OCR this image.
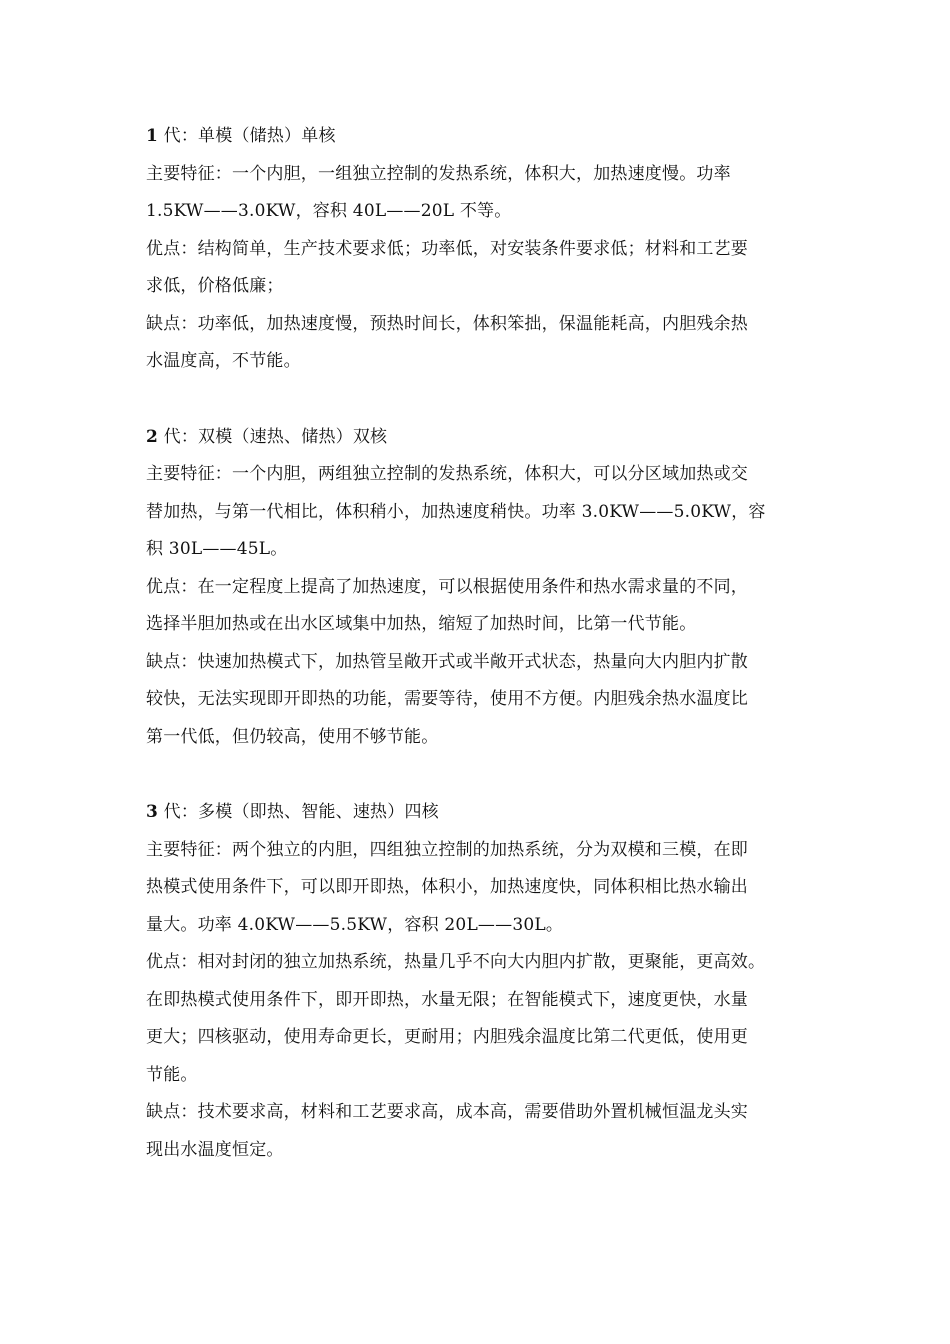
1 代：单模（储热）单核

主要特征：一个内胆，一组独立控制的发热系统，体积大，加热速度慢。功率

1.5KW——3.0KW，容积 40L——20L 不等。

优点：结构简单，生产技术要求低；功率低，对安装条件要求低；材料和工艺要

求低，价格低廉；

缺点：功率低，加热速度慢，预热时间长，体积笨拙，保温能耗高，内胆残余热

水温度高，不节能。

2 代：双模（速热、储热）双核

主要特征：一个内胆，两组独立控制的发热系统，体积大，可以分区域加热或交

替加热，与第一代相比，体积稍小，加热速度稍快。功率 3.0KW——5.0KW，容

积 30L——45L。

优点：在一定程度上提高了加热速度，可以根据使用条件和热水需求量的不同，

选择半胆加热或在出水区域集中加热，缩短了加热时间，比第一代节能。

缺点：快速加热模式下，加热管呈敞开式或半敞开式状态，热量向大内胆内扩散

较快，无法实现即开即热的功能，需要等待，使用不方便。内胆残余热水温度比

第一代低，但仍较高，使用不够节能。

3 代：多模（即热、智能、速热）四核

主要特征：两个独立的内胆，四组独立控制的加热系统，分为双模和三模，在即

热模式使用条件下，可以即开即热，体积小，加热速度快，同体积相比热水输出

量大。功率 4.0KW——5.5KW，容积 20L——30L。

优点：相对封闭的独立加热系统，热量几乎不向大内胆内扩散，更聚能，更高效。

在即热模式使用条件下，即开即热，水量无限；在智能模式下，速度更快，水量

更大；四核驱动，使用寿命更长，更耐用；内胆残余温度比第二代更低，使用更

节能。

缺点：技术要求高，材料和工艺要求高，成本高，需要借助外置机械恒温龙头实

现出水温度恒定。
